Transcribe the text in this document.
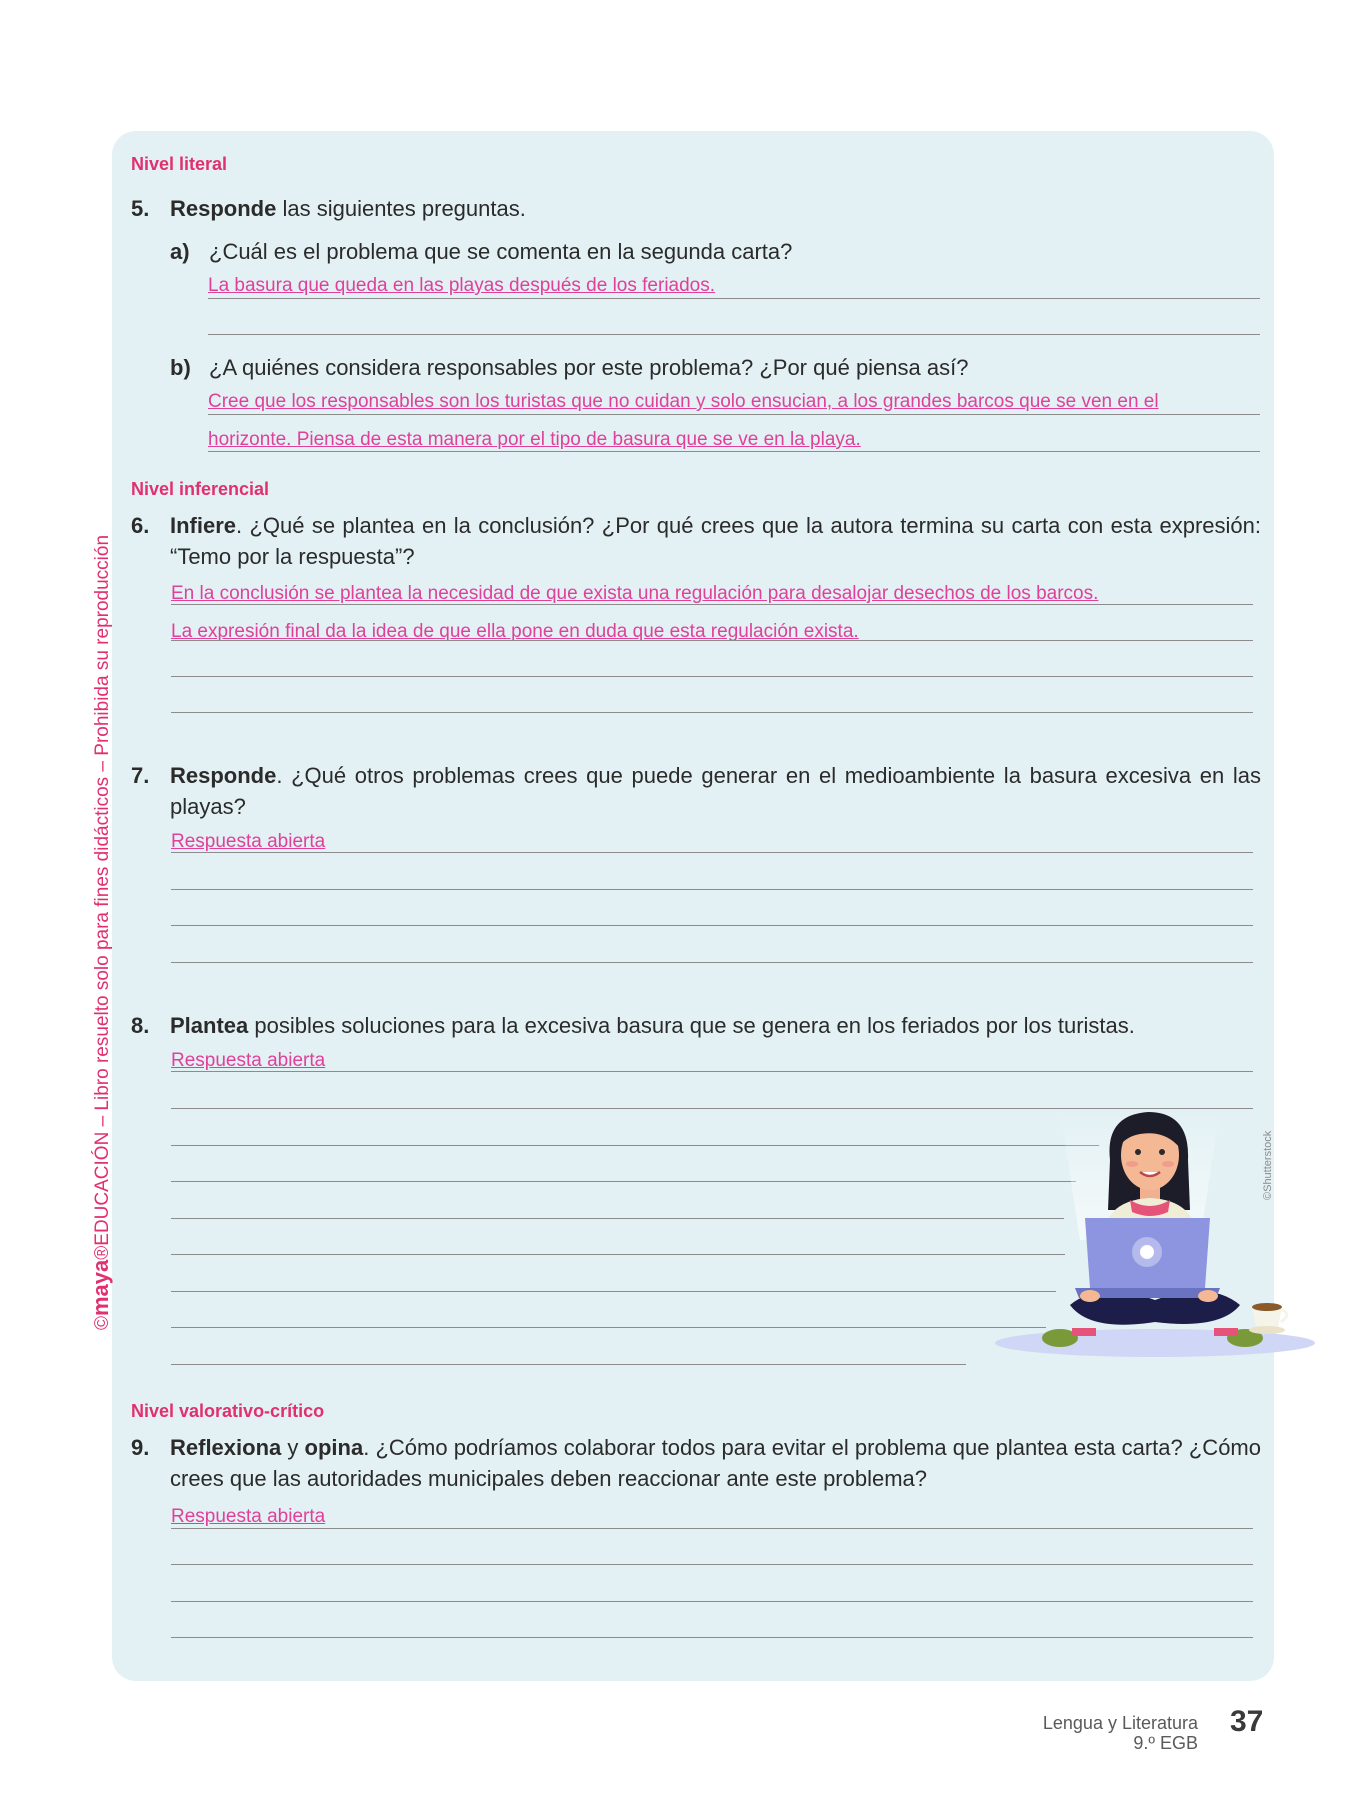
©maya®EDUCACIÓN – Libro resuelto solo para fines didácticos – Prohibida su reproducción
Nivel literal
5. Responde las siguientes preguntas.
a) ¿Cuál es el problema que se comenta en la segunda carta?
La basura que queda en las playas después de los feriados.
b) ¿A quiénes considera responsables por este problema? ¿Por qué piensa así?
Cree que los responsables son los turistas que no cuidan y solo ensucian, a los grandes barcos que se ven en el
horizonte. Piensa de esta manera por el tipo de basura que se ve en la playa.
Nivel inferencial
6. Infiere. ¿Qué se plantea en la conclusión? ¿Por qué crees que la autora termina su carta con esta expresión: “Temo por la respuesta”?
En la conclusión se plantea la necesidad de que exista una regulación para desalojar desechos de los barcos.
La expresión final da la idea de que ella pone en duda que esta regulación exista.
7. Responde. ¿Qué otros problemas crees que puede generar en el medioambiente la basura excesiva en las playas?
Respuesta abierta
8. Plantea posibles soluciones para la excesiva basura que se genera en los feriados por los turistas.
Respuesta abierta
©Shutterstock
Nivel valorativo-crítico
9. Reflexiona y opina. ¿Cómo podríamos colaborar todos para evitar el problema que plantea esta carta? ¿Cómo crees que las autoridades municipales deben reaccionar ante este problema?
Respuesta abierta
Lengua y Literatura
9.º EGB
37
